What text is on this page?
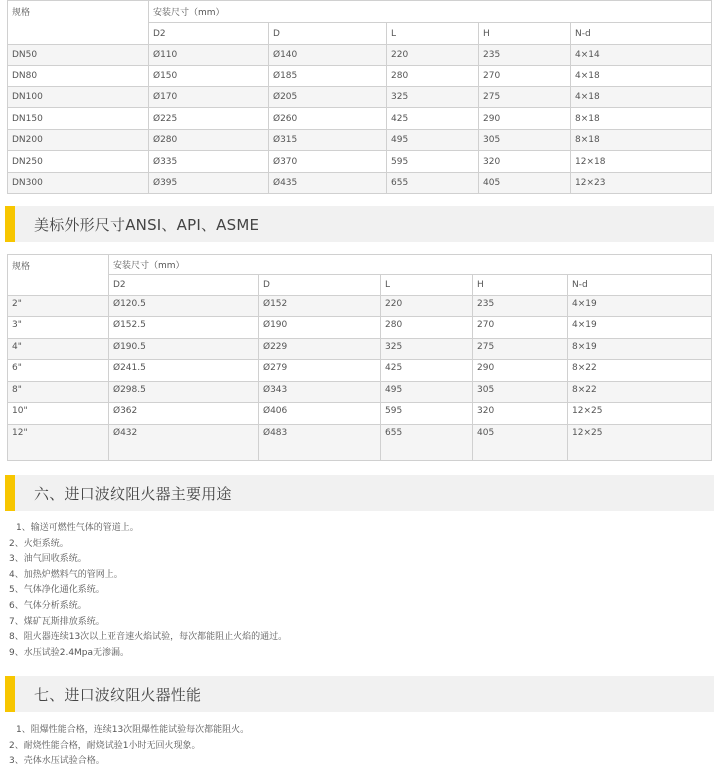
规格	安装尺寸（mm）				
	D2	D	L	H	N-d
DN50	Ø110	Ø140	220	235	4×14
DN80	Ø150	Ø185	280	270	4×18
DN100	Ø170	Ø205	325	275	4×18
DN150	Ø225	Ø260	425	290	8×18
DN200	Ø280	Ø315	495	305	8×18
DN250	Ø335	Ø370	595	320	12×18
DN300	Ø395	Ø435	655	405	12×23
美标外形尺寸ANSI、API、ASME
规格	安装尺寸（mm）				
	D2	D	L	H	N-d
2"	Ø120.5	Ø152	220	235	4×19
3"	Ø152.5	Ø190	280	270	4×19
4"	Ø190.5	Ø229	325	275	8×19
6"	Ø241.5	Ø279	425	290	8×22
8"	Ø298.5	Ø343	495	305	8×22
10"	Ø362	Ø406	595	320	12×25
12"	Ø432	Ø483	655	405	12×25
六、进口波纹阻火器主要用途
1、输送可燃性气体的管道上。
2、火炬系统。
3、油气回收系统。
4、加热炉燃料气的管网上。
5、气体净化通化系统。
6、气体分析系统。
7、煤矿瓦斯排放系统。
8、阻火器连续13次以上亚音速火焰试验，每次都能阻止火焰的通过。
9、水压试验2.4Mpa无渗漏。
七、进口波纹阻火器性能
1、阻爆性能合格，连续13次阻爆性能试验每次都能阻火。
2、耐烧性能合格，耐烧试验1小时无回火现象。
3、壳体水压试验合格。
